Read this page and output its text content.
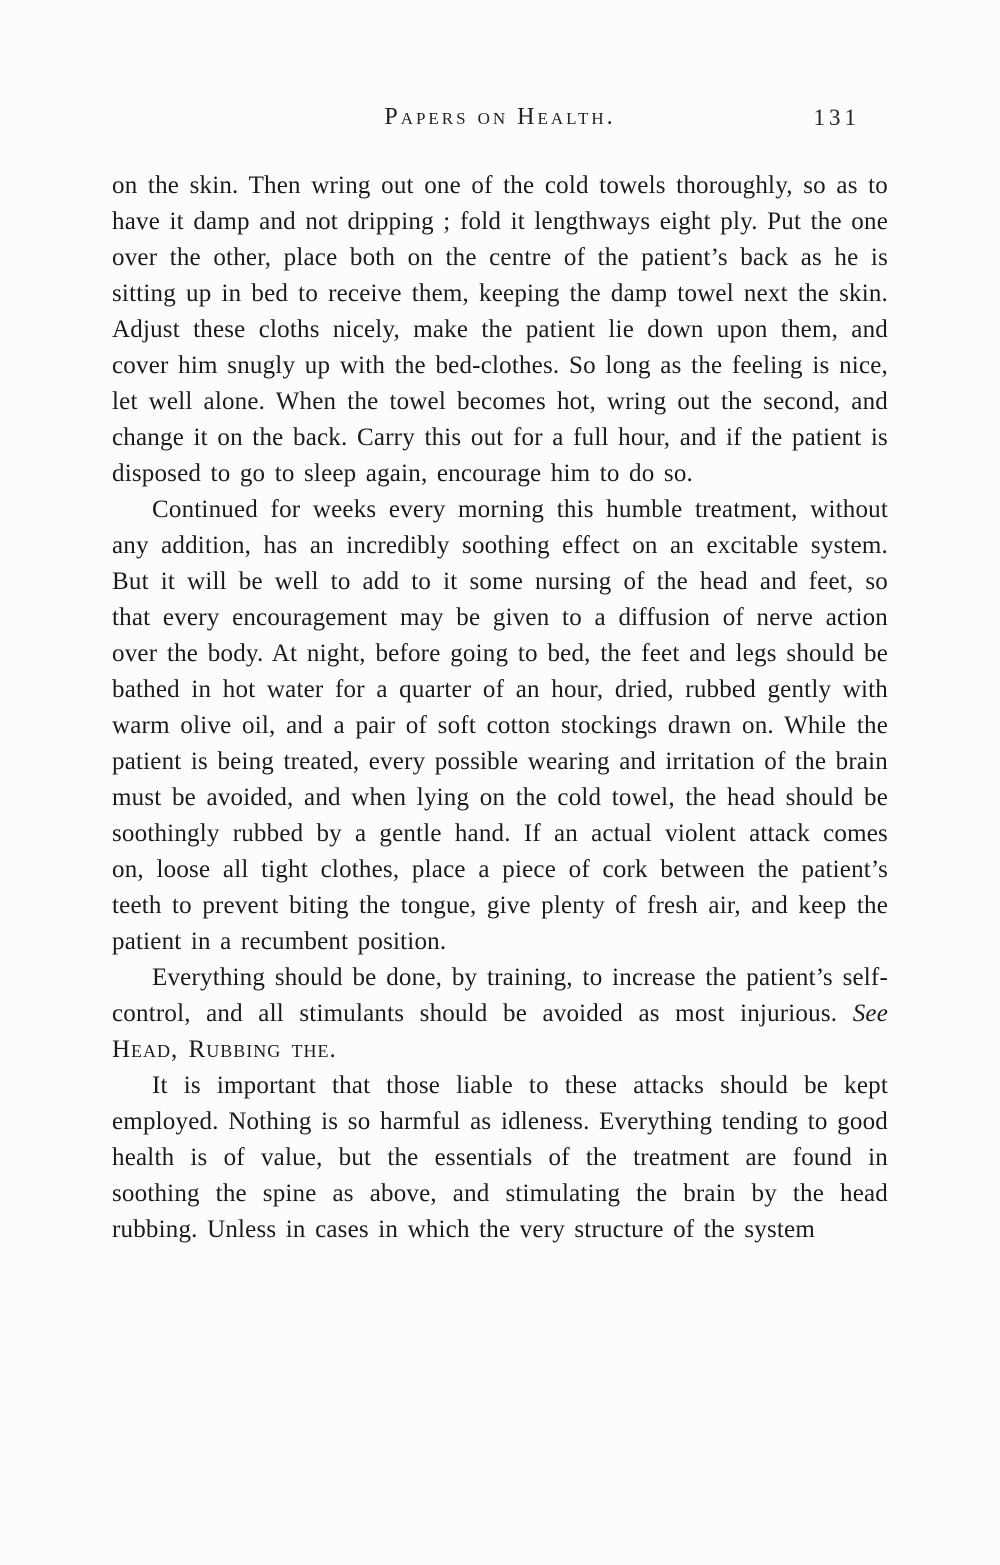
Papers on Health.	131

on the skin. Then wring out one of the cold towels thoroughly, so as to have it damp and not dripping ; fold it lengthways eight ply. Put the one over the other, place both on the centre of the patient’s back as he is sitting up in bed to receive them, keeping the damp towel next the skin. Adjust these cloths nicely, make the patient lie down upon them, and cover him snugly up with the bed-clothes. So long as the feeling is nice, let well alone. When the towel becomes hot, wring out the second, and change it on the back. Carry this out for a full hour, and if the patient is disposed to go to sleep again, encourage him to do so.

Continued for weeks every morning this humble treatment, without any addition, has an incredibly soothing effect on an excitable system. But it will be well to add to it some nursing of the head and feet, so that every encouragement may be given to a diffusion of nerve action over the body. At night, before going to bed, the feet and legs should be bathed in hot water for a quarter of an hour, dried, rubbed gently with warm olive oil, and a pair of soft cotton stockings drawn on. While the patient is being treated, every possible wearing and irritation of the brain must be avoided, and when lying on the cold towel, the head should be soothingly rubbed by a gentle hand. If an actual violent attack comes on, loose all tight clothes, place a piece of cork between the patient’s teeth to prevent biting the tongue, give plenty of fresh air, and keep the patient in a recumbent position.

Everything should be done, by training, to increase the patient’s self-control, and all stimulants should be avoided as most injurious. See Head, Rubbing the.

It is important that those liable to these attacks should be kept employed. Nothing is so harmful as idleness. Everything tending to good health is of value, but the essentials of the treatment are found in soothing the spine as above, and stimulating the brain by the head rubbing. Unless in cases in which the very structure of the system
